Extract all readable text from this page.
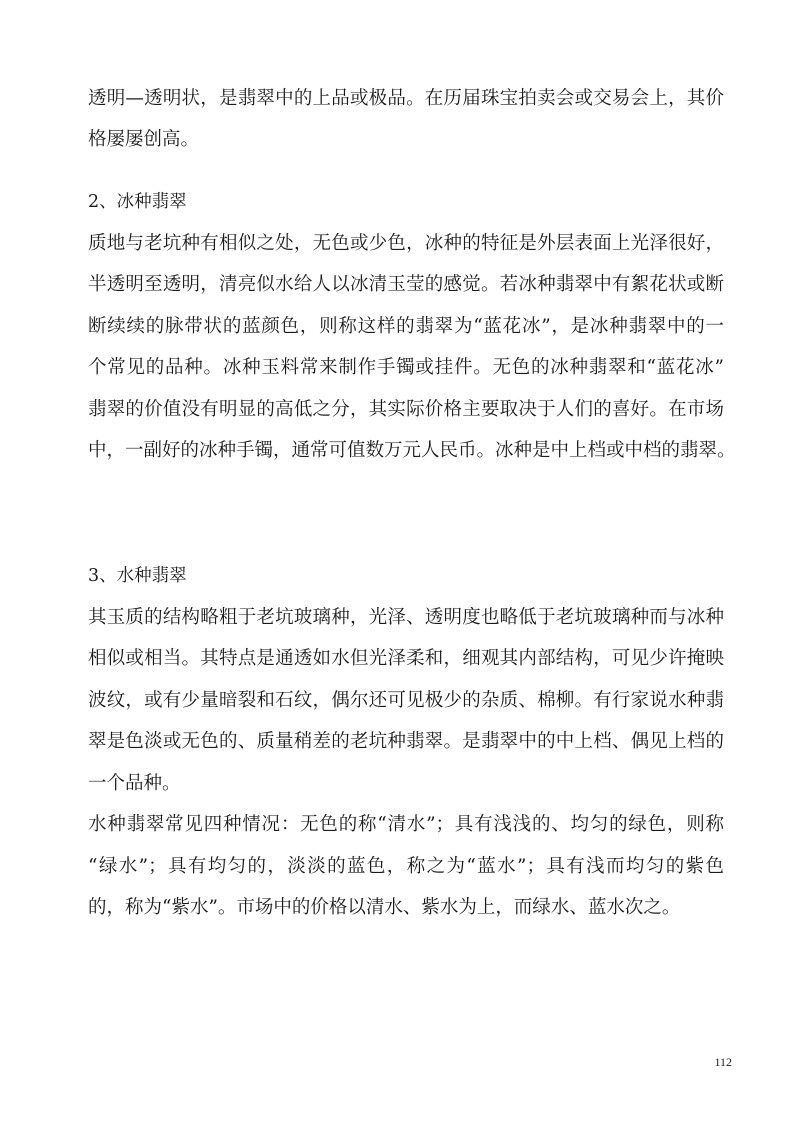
透明—透明状，是翡翠中的上品或极品。在历届珠宝拍卖会或交易会上，其价
格屡屡创高。
2、冰种翡翠
质地与老坑种有相似之处，无色或少色，冰种的特征是外层表面上光泽很好，
半透明至透明，清亮似水给人以冰清玉莹的感觉。若冰种翡翠中有絮花状或断
断续续的脉带状的蓝颜色，则称这样的翡翠为“蓝花冰”，是冰种翡翠中的一
个常见的品种。冰种玉料常来制作手镯或挂件。无色的冰种翡翠和“蓝花冰”
翡翠的价值没有明显的高低之分，其实际价格主要取决于人们的喜好。在市场
中，一副好的冰种手镯，通常可值数万元人民币。冰种是中上档或中档的翡翠。
3、水种翡翠
其玉质的结构略粗于老坑玻璃种，光泽、透明度也略低于老坑玻璃种而与冰种
相似或相当。其特点是通透如水但光泽柔和，细观其内部结构，可见少许掩映
波纹，或有少量暗裂和石纹，偶尔还可见极少的杂质、棉柳。有行家说水种翡
翠是色淡或无色的、质量稍差的老坑种翡翠。是翡翠中的中上档、偶见上档的
一个品种。
水种翡翠常见四种情况：无色的称“清水”；具有浅浅的、均匀的绿色，则称
“绿水”；具有均匀的，淡淡的蓝色，称之为“蓝水”；具有浅而均匀的紫色
的，称为“紫水”。市场中的价格以清水、紫水为上，而绿水、蓝水次之。
112
